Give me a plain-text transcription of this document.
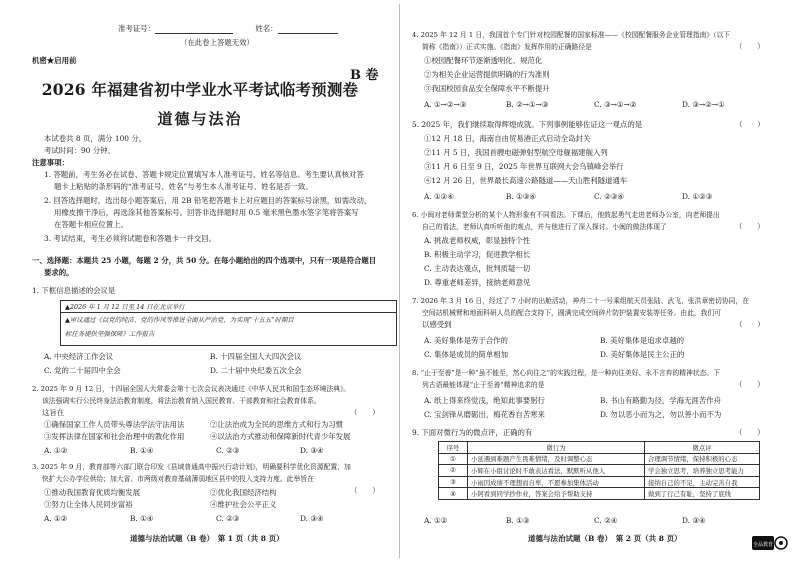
准考证号：	姓名：
（在此卷上答题无效）
机密★启用前
B 卷
2026 年福建省初中学业水平考试临考预测卷
道德与法治
本试卷共 8 页，满分 100 分，
考试时间：90 分钟。
注意事项：
1. 答题前，考生务必在试卷、答题卡规定位置填写本人准考证号、姓名等信息。考生要认真核对答
题卡上粘贴的条形码的“准考证号、姓名”与考生本人准考证号、姓名是否一致。
2. 回答选择题时，选出每小题答案后，用 2B 铅笔把答题卡上对应题目的答案标号涂黑，如需改动，
用橡皮擦干净后，再选涂其他答案标号。回答非选择题时用 0.5 毫米黑色墨水签字笔将答案写
在答题卡相应位置上。
3. 考试结束，考生必须将试题卷和答题卡一并交回。
一、选择题：本题共 25 小题，每题 2 分，共 50 分。在每小题给出的四个选项中，只有一项是符合题目
要求的。
1. 下框信息描述的会议是
▲2026 年 1 月 12 日至 14 日在北京举行
▲审议通过《以党的纯洁、党的作风等推进全面从严治党，为实现“十五五”时期目
标任务提供坚强保障》工作报告
A. 中央经济工作会议	B. 十四届全国人大四次会议
C. 党的二十届四中全会	D. 二十届中央纪委五次全会
2. 2025 年 9 月 12 日，十四届全国人大常委会第十七次会议表决通过《中华人民共和国生态环境法典》。
该法强调实行公民终身法治教育制度，将法治教育纳入国民教育、干部教育和社会教育体系。
这旨在	（　　）
①确保国家工作人员带头尊法学法守法用法	②让法治成为全民的思维方式和行为习惯
③发挥法律在国家和社会治理中的教化作用	④以法治方式推动和保障新时代青少年发展
A. ①②	B. ①④	C. ②③	D. ③④
3. 2025 年 9 月，教育部等六部门联合印发《县域普通高中振兴行动计划》，明确要科学优化资源配置，加
快扩大公办学位供给；加大省、市两级对教育基础薄弱地区县中的投入支持力度。此举旨在
（　　）
①推动我国教育优质均衡发展	②优化我国经济结构
③努力让全体人民同步富裕	④维护社会公平正义
A. ①②	B. ①④	C. ②③	D. ③④
道德与法治试题（B 卷）　第 1 页（共 8 页）
4. 2025 年 12 月 1 日，我国首个专门针对校园配餐的国家标准——《校园配餐服务企业管理指南》（以下
简称《指南》）正式实施。《指南》发挥作用的正确路径是	（　　）
①校园配餐环节逐渐透明化、规范化
②为相关企业运营提供明确的行为准则
③我国校园食品安全保障水平不断提升
A. ①→②→③	B. ②→①→③	C. ③→①→②	D. ③→②→①
5. 2025 年，我们继续取得辉煌成就。下列事例能够佐证这一观点的是	（　　）
①12 月 18 日，海南自由贸易港正式启动全岛封关
②11 月 5 日，我国首艘电磁弹射型航空母舰福建舰入列
③11 月 6 日至 9 日，2025 年世界互联网大会乌镇峰会举行
④12 月 26 日，世界最长高速公路隧道——天山胜利隧道通车
A. ①②④	B. ①③④	C. ②③④	D. ①②③
6. 小闽对老师课堂分析的某个人物形象有不同看法。下课后，他鼓起勇气走进老师办公室，向老师提出
自己的看法，老师认真听听他的观点，并与他进行了深入探讨。小闽的做法体现了	（　　）
A. 挑战老师权威，彰显独特个性
B. 积极主动学习，促进教学相长
C. 主动表达观点，批判质疑一切
D. 尊重老师差异，接纳老师意见
7. 2026 年 3 月 16 日，经过了 7 小时的出舱活动，神舟二十一号乘组航天员张陆、武飞、张洪章密切协同，在
空间站机械臂和地面科研人员的配合支持下，圆满完成空间碎片防护装置安装等任务。由此，我们可
以感受到	（　　）
A. 美好集体是劳于合作的	B. 美好集体是追求卓越的
C. 集体是成员的简单相加	D. 美好集体是民主公正的
8. “止于至善”是一种“虽不能至，然心向往之”的实践过程，是一种向往美好、永不言弃的精神状态。下
列古语最能体现“止于至善”精神追求的是	（　　）
A. 纸上得来终觉浅，绝知此事要躬行	B. 书山有路勤为径，学海无涯苦作舟
C. 宝剑锋从磨砺出，梅花香自苦寒来	D. 勿以恶小而为之，勿以善小而不为
9. 下面对微行为的微点评，正确的有	（　　）
序号	微行为	微点评
①	小延遇到难题产生畏难情绪，及时调整心态	合理调节情绪，保持积极的心态
②	小辉在小组讨论时不敢表达看法，默默听从他人	学会独立思考，培养独立思考能力
③	小雨因成绩不理想而自卑，不愿参加集体活动	接纳自己的不足，主动完善自我
④	小阿看到同学抄作业，答案会给予帮助支持	做到了行己有耻，坚持了底线
A. ①②	B. ①③	C. ②④	D. ③④
道德与法治试题（B 卷）　第 2 页（共 8 页）
全品教育
